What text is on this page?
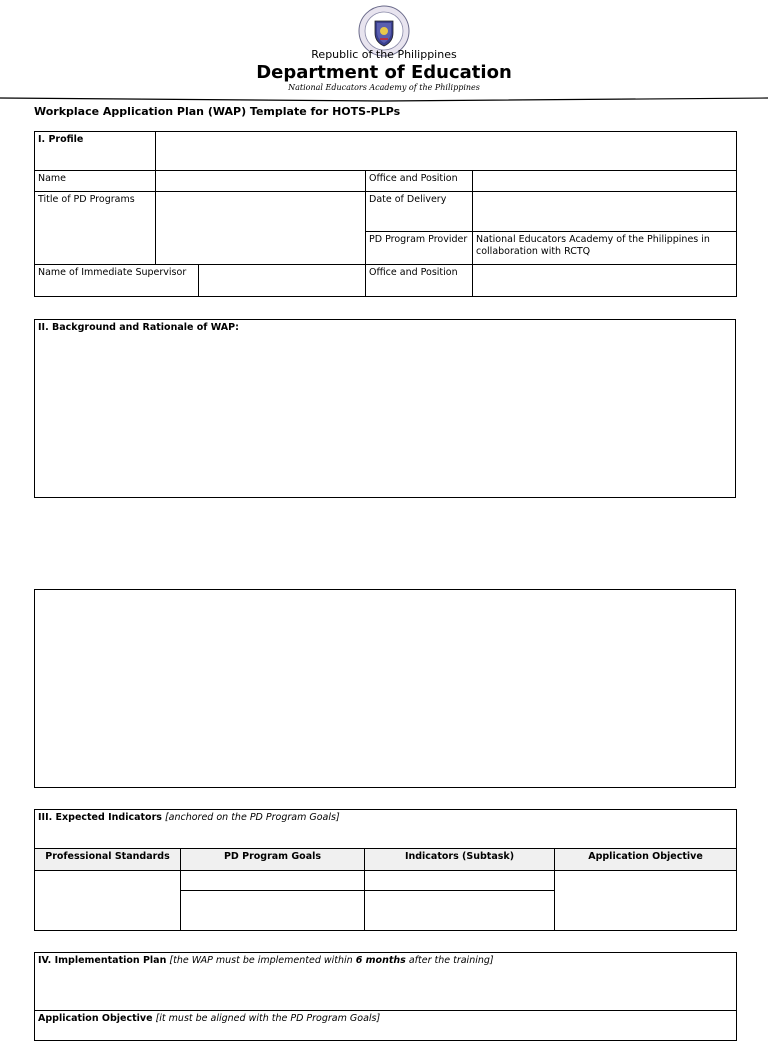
Republic of the Philippines
Department of Education
National Educators Academy of the Philippines
Workplace Application Plan (WAP) Template for HOTS-PLPs
I. Profile				
Name			Office and Position	
Title of PD Programs			Date of Delivery	
			PD Program Provider	National Educators Academy of the Philippines in collaboration with RCTQ
Name of Immediate Supervisor			Office and Position	
II. Background and Rationale of WAP:
III. Expected Indicators [anchored on the PD Program Goals]			
Professional Standards	PD Program Goals	Indicators (Subtask)	Application Objective

IV. Implementation Plan [the WAP must be implemented within 6 months after the training]
Application Objective [it must be aligned with the PD Program Goals]
